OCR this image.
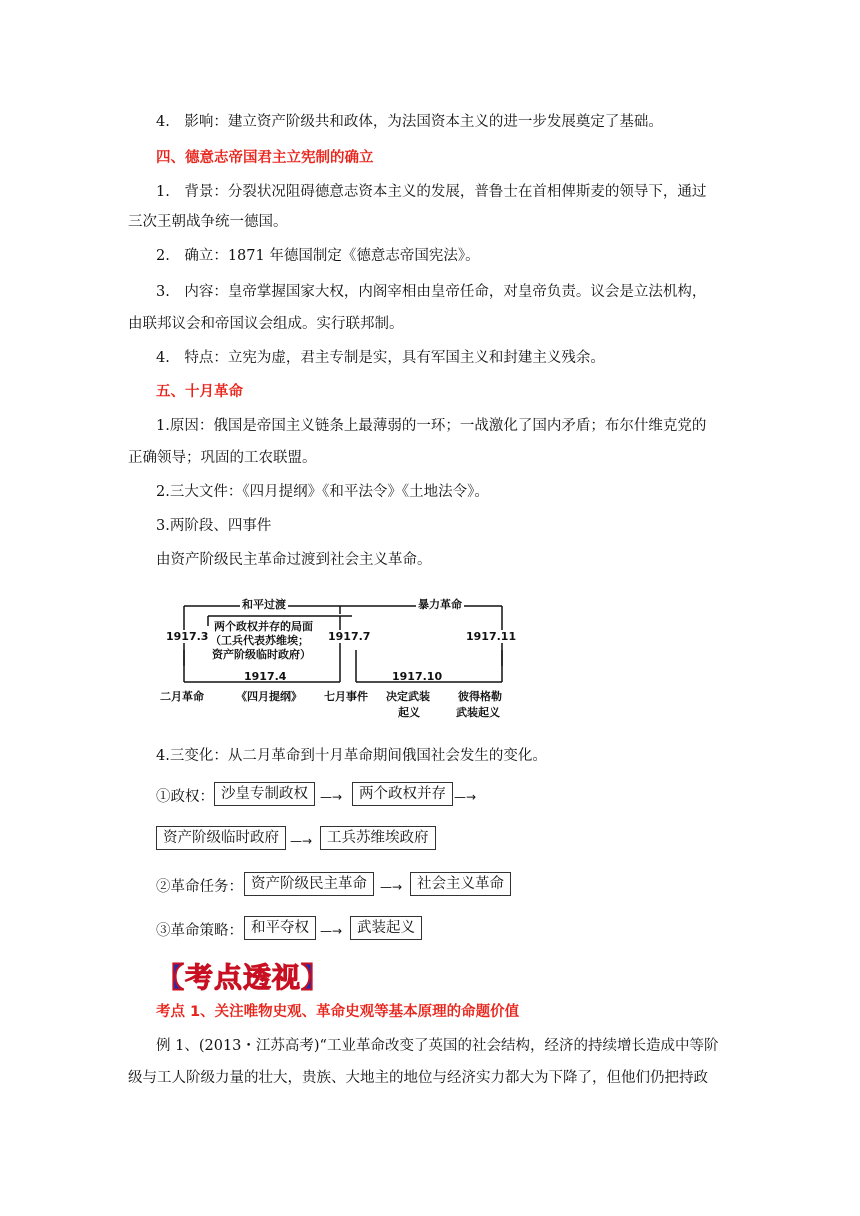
4.　影响：建立资产阶级共和政体，为法国资本主义的进一步发展奠定了基础。
四、德意志帝国君主立宪制的确立
1.　背景：分裂状况阻碍德意志资本主义的发展，普鲁士在首相俾斯麦的领导下，通过
三次王朝战争统一德国。
2.　确立：1871 年德国制定《德意志帝国宪法》。
3.　内容：皇帝掌握国家大权，内阁宰相由皇帝任命，对皇帝负责。议会是立法机构，
由联邦议会和帝国议会组成。实行联邦制。
4.　特点：立宪为虚，君主专制是实，具有军国主义和封建主义残余。
五、十月革命
1.原因：俄国是帝国主义链条上最薄弱的一环；一战激化了国内矛盾；布尔什维克党的
正确领导；巩固的工农联盟。
2.三大文件：《四月提纲》《和平法令》《土地法令》。
3.两阶段、四事件
由资产阶级民主革命过渡到社会主义革命。
和平过渡	暴力革命
两个政权并存的局面
（工兵代表苏维埃；
资产阶级临时政府）
1917.3	1917.7	1917.11
1917.4	1917.10
二月革命	《四月提纲》 七月事件 决定武装
起义
彼得格勒
武装起义
4.三变化：从二月革命到十月革命期间俄国社会发生的变化。
①政权： 沙皇专制政权	—→	两个政权并存 —→
资产阶级临时政府 —→	工兵苏维埃政府
②革命任务： 资产阶级民主革命	—→	社会主义革命
③革命策略： 和平夺权 —→	武装起义
【考点透视】
考点 1、关注唯物史观、革命史观等基本原理的命题价值
例 1、(2013・江苏高考)“工业革命改变了英国的社会结构，经济的持续增长造成中等阶
级与工人阶级力量的壮大，贵族、大地主的地位与经济实力都大为下降了，但他们仍把持政
